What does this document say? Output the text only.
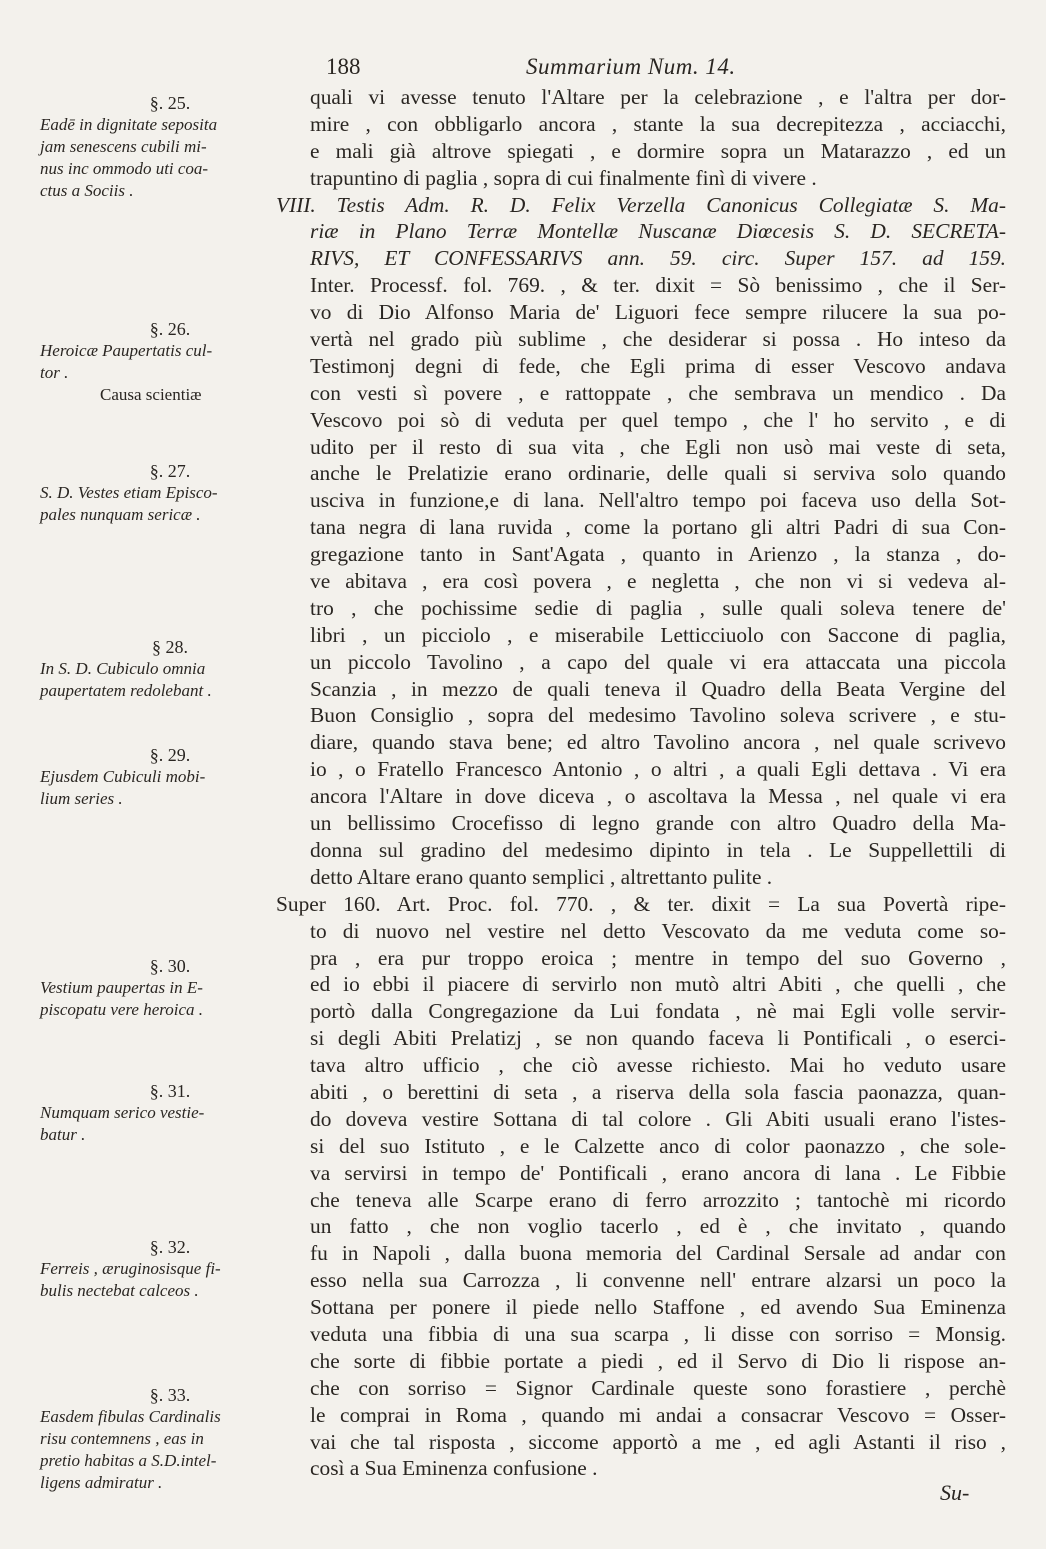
188	Summarium Num. 14.
quali vi avesse tenuto l'Altare per la celebrazione , e l'altra per dor-
mire , con obbligarlo ancora , stante la sua decrepitezza , acciacchi,
e mali già altrove spiegati , e dormire sopra un Matarazzo , ed un
trapuntino di paglia , sopra di cui finalmente finì di vivere .
VIII. Testis Adm. R. D. Felix Verzella Canonicus Collegiatæ S. Ma-
riæ in Plano Terræ Montellæ Nuscanæ Diœcesis S. D. SECRETA-
RIVS, ET CONFESSARIVS ann. 59. circ. Super 157. ad 159.
Inter. Processf. fol. 769. , & ter. dixit = Sò benissimo , che il Ser-
vo di Dio Alfonso Maria de' Liguori fece sempre rilucere la sua po-
vertà nel grado più sublime , che desiderar si possa . Ho inteso da
Testimonj degni di fede, che Egli prima di esser Vescovo andava
con vesti sì povere , e rattoppate , che sembrava un mendico . Da
Vescovo poi sò di veduta per quel tempo , che l' ho servito , e di
udito per il resto di sua vita , che Egli non usò mai veste di seta,
anche le Prelatizie erano ordinarie, delle quali si serviva solo quando
usciva in funzione,e di lana. Nell'altro tempo poi faceva uso della Sot-
tana negra di lana ruvida , come la portano gli altri Padri di sua Con-
gregazione tanto in Sant'Agata , quanto in Arienzo , la stanza , do-
ve abitava , era così povera , e negletta , che non vi si vedeva al-
tro , che pochissime sedie di paglia , sulle quali soleva tenere de'
libri , un picciolo , e miserabile Letticciuolo con Saccone di paglia,
un piccolo Tavolino , a capo del quale vi era attaccata una piccola
Scanzia , in mezzo de quali teneva il Quadro della Beata Vergine del
Buon Consiglio , sopra del medesimo Tavolino soleva scrivere , e stu-
diare, quando stava bene; ed altro Tavolino ancora , nel quale scrivevo
io , o Fratello Francesco Antonio , o altri , a quali Egli dettava . Vi era
ancora l'Altare in dove diceva , o ascoltava la Messa , nel quale vi era
un bellissimo Crocefisso di legno grande con altro Quadro della Ma-
donna sul gradino del medesimo dipinto in tela . Le Suppellettili di
detto Altare erano quanto semplici , altrettanto pulite .
Super 160. Art. Proc. fol. 770. , & ter. dixit = La sua Povertà ripe-
to di nuovo nel vestire nel detto Vescovato da me veduta come so-
pra , era pur troppo eroica ; mentre in tempo del suo Governo ,
ed io ebbi il piacere di servirlo non mutò altri Abiti , che quelli , che
portò dalla Congregazione da Lui fondata , nè mai Egli volle servir-
si degli Abiti Prelatizj , se non quando faceva li Pontificali , o eserci-
tava altro ufficio , che ciò avesse richiesto. Mai ho veduto usare
abiti , o berettini di seta , a riserva della sola fascia paonazza, quan-
do doveva vestire Sottana di tal colore . Gli Abiti usuali erano l'istes-
si del suo Istituto , e le Calzette anco di color paonazzo , che sole-
va servirsi in tempo de' Pontificali , erano ancora di lana . Le Fibbie
che teneva alle Scarpe erano di ferro arrozzito ; tantochè mi ricordo
un fatto , che non voglio tacerlo , ed è , che invitato , quando
fu in Napoli , dalla buona memoria del Cardinal Sersale ad andar con
esso nella sua Carrozza , li convenne nell' entrare alzarsi un poco la
Sottana per ponere il piede nello Staffone , ed avendo Sua Eminenza
veduta una fibbia di una sua scarpa , li disse con sorriso = Monsig.
che sorte di fibbie portate a piedi , ed il Servo di Dio li rispose an-
che con sorriso = Signor Cardinale queste sono forastiere , perchè
le comprai in Roma , quando mi andai a consacrar Vescovo = Osser-
vai che tal risposta , siccome apportò a me , ed agli Astanti il riso ,
così a Sua Eminenza confusione .
§. 25.
Eadē in dignitate seposita
jam senescens cubili mi-
nus inc ommodo uti coa-
ctus a Sociis .
§. 26.
Heroicæ Paupertatis cul-
tor .
Causa scientiæ
§. 27.
S. D. Vestes etiam Episco-
pales nunquam sericæ .
§ 28.
In S. D. Cubiculo omnia
paupertatem redolebant .
§. 29.
Ejusdem Cubiculi mobi-
lium series .
§. 30.
Vestium paupertas in E-
piscopatu vere heroica .
§. 31.
Numquam serico vestie-
batur .
§. 32.
Ferreis , æruginosisque fi-
bulis nectebat calceos .
§. 33.
Easdem fibulas Cardinalis
risu contemnens , eas in
pretio habitas a S.D.intel-
ligens admiratur .	Su-
